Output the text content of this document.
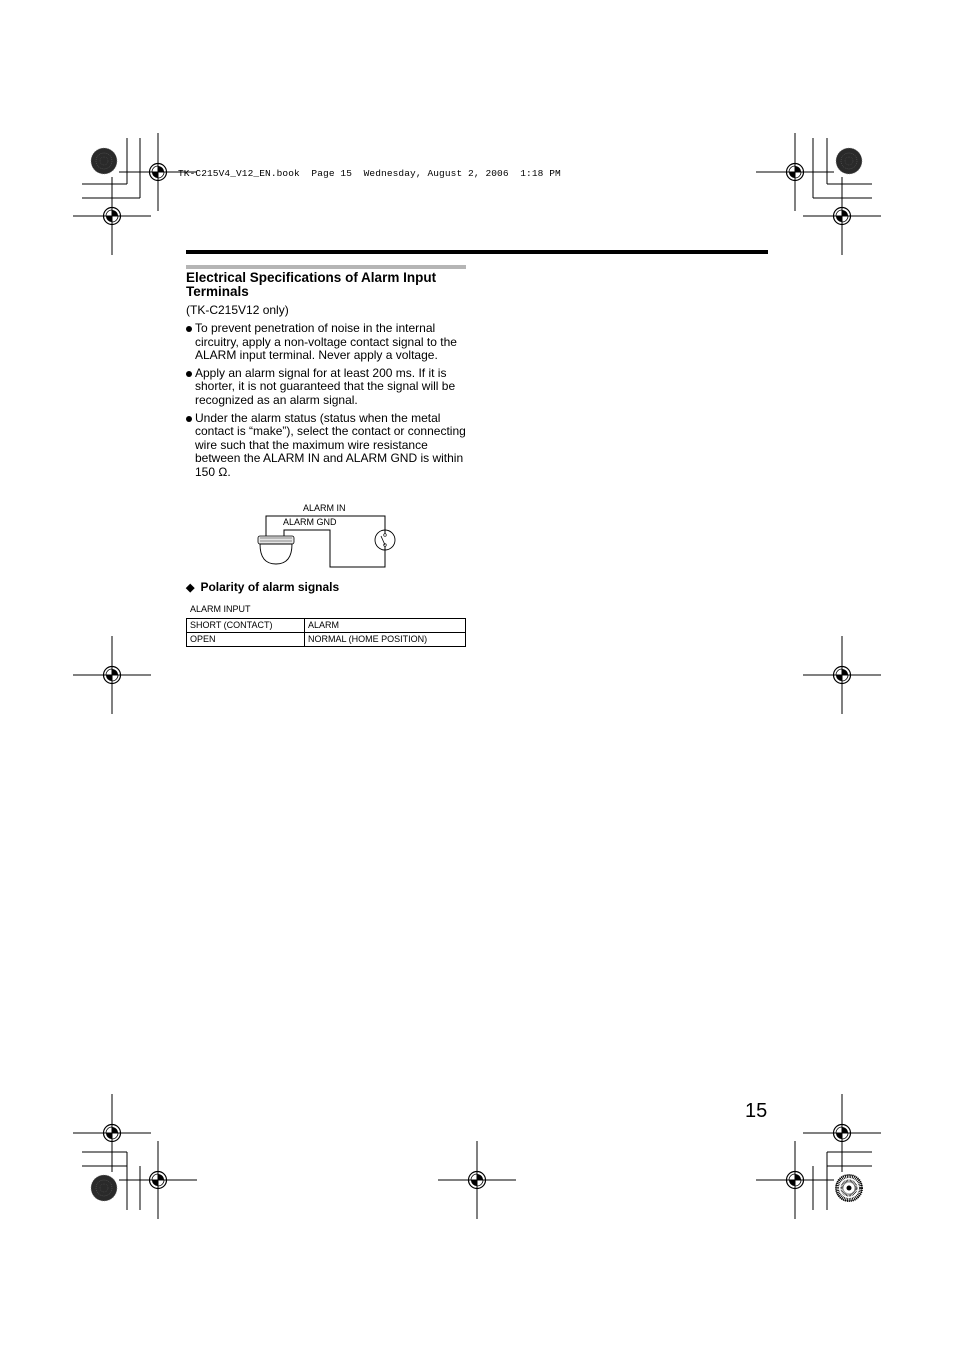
TK-C215V4_V12_EN.book  Page 15  Wednesday, August 2, 2006  1:18 PM
Electrical Specifications of Alarm Input Terminals
(TK-C215V12 only)
To prevent penetration of noise in the internal circuitry, apply a non-voltage contact signal to the ALARM input terminal. Never apply a voltage.
Apply an alarm signal for at least 200 ms. If it is shorter, it is not guaranteed that the signal will be recognized as an alarm signal.
Under the alarm status (status when the metal contact is “make”), select the contact or connecting wire such that the maximum wire resistance between the ALARM IN and ALARM GND is within 150 Ω.
ALARM IN
ALARM GND
◆ Polarity of alarm signals
ALARM INPUT
SHORT (CONTACT)	ALARM
OPEN	NORMAL (HOME POSITION)
15
